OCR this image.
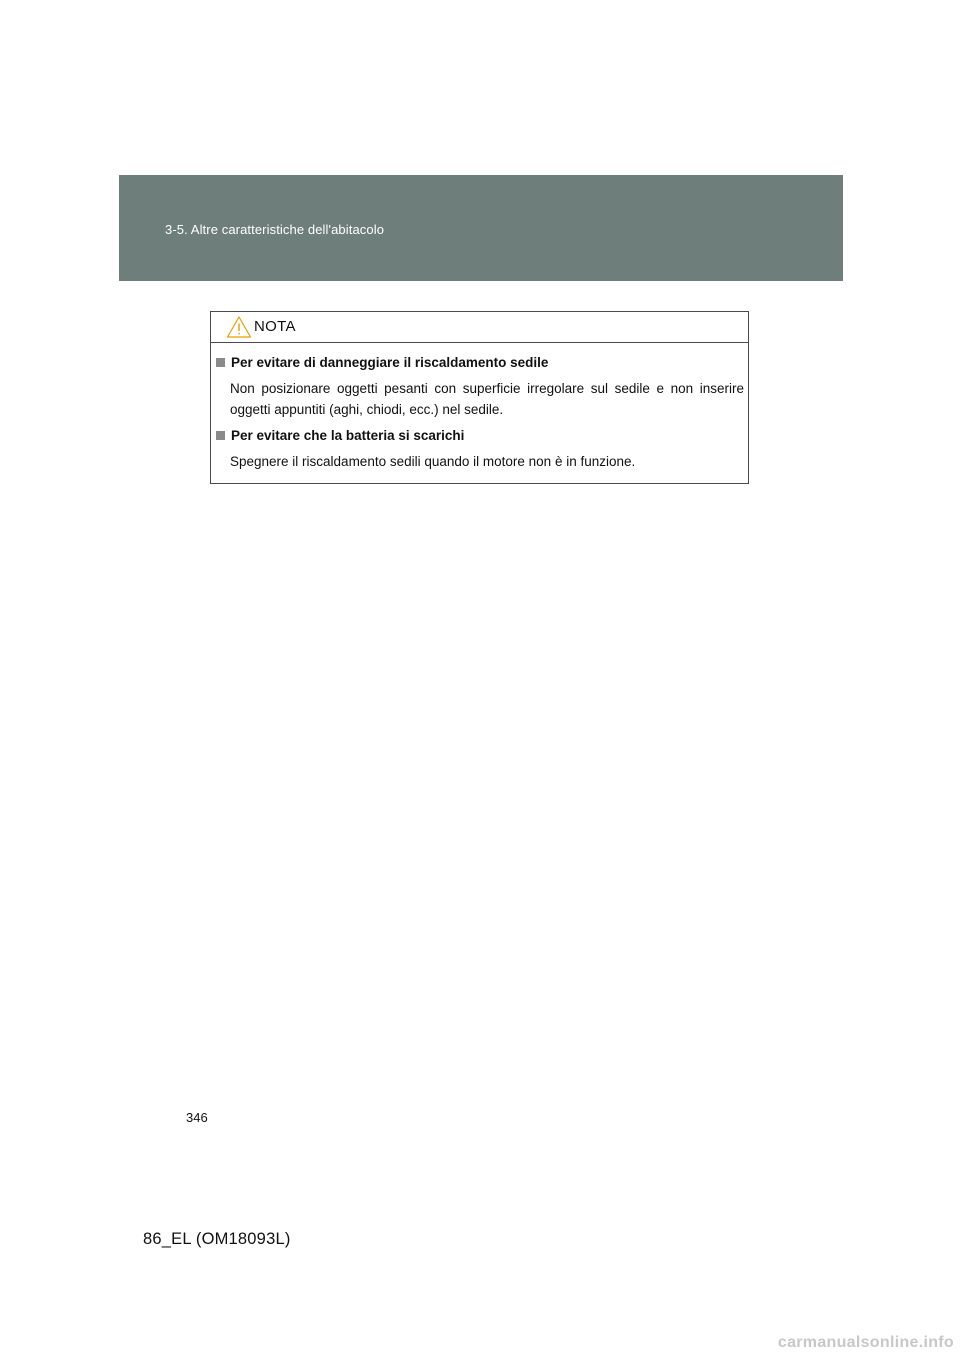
3-5. Altre caratteristiche dell'abitacolo
NOTA
Per evitare di danneggiare il riscaldamento sedile
Non posizionare oggetti pesanti con superficie irregolare sul sedile e non inserire oggetti appuntiti (aghi, chiodi, ecc.) nel sedile.
Per evitare che la batteria si scarichi
Spegnere il riscaldamento sedili quando il motore non è in funzione.
346
86_EL (OM18093L)
carmanualsonline.info
